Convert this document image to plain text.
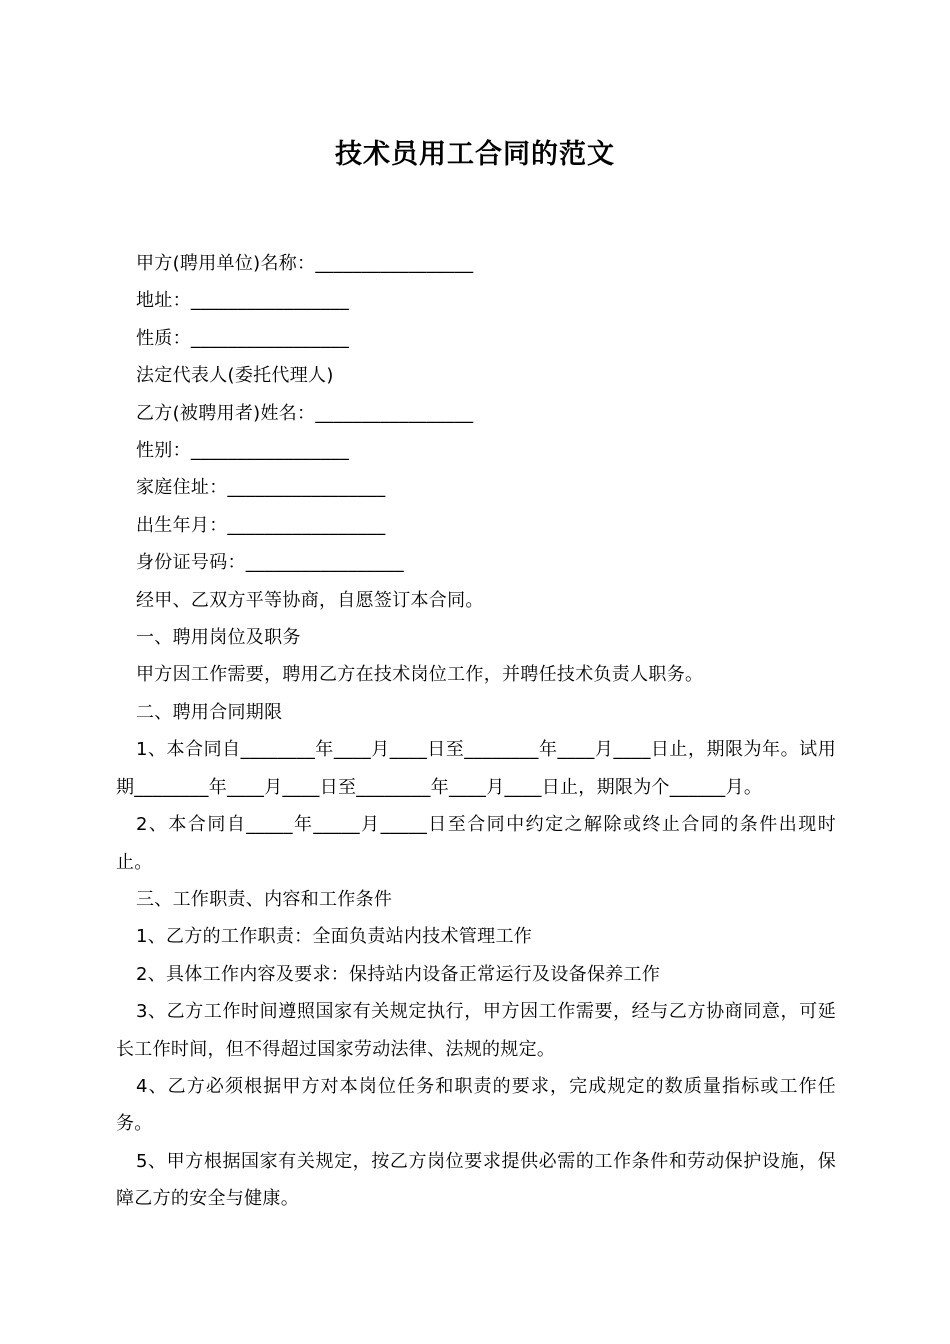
技术员用工合同的范文

甲方(聘用单位)名称：_________________

地址：_________________

性质：_________________

法定代表人(委托代理人)

乙方(被聘用者)姓名：_________________

性别：_________________

家庭住址：_________________

出生年月：_________________

身份证号码：_________________

经甲、乙双方平等协商，自愿签订本合同。

一、聘用岗位及职务

甲方因工作需要，聘用乙方在技术岗位工作，并聘任技术负责人职务。

二、聘用合同期限

1、本合同自________年____月____日至________年____月____日止，期限为年。试用期________年____月____日至________年____月____日止，期限为个______月。

2、本合同自_____年_____月_____日至合同中约定之解除或终止合同的条件出现时止。

三、工作职责、内容和工作条件

1、乙方的工作职责：全面负责站内技术管理工作

2、具体工作内容及要求：保持站内设备正常运行及设备保养工作

3、乙方工作时间遵照国家有关规定执行，甲方因工作需要，经与乙方协商同意，可延长工作时间，但不得超过国家劳动法律、法规的规定。

4、乙方必须根据甲方对本岗位任务和职责的要求，完成规定的数质量指标或工作任务。

5、甲方根据国家有关规定，按乙方岗位要求提供必需的工作条件和劳动保护设施，保障乙方的安全与健康。
